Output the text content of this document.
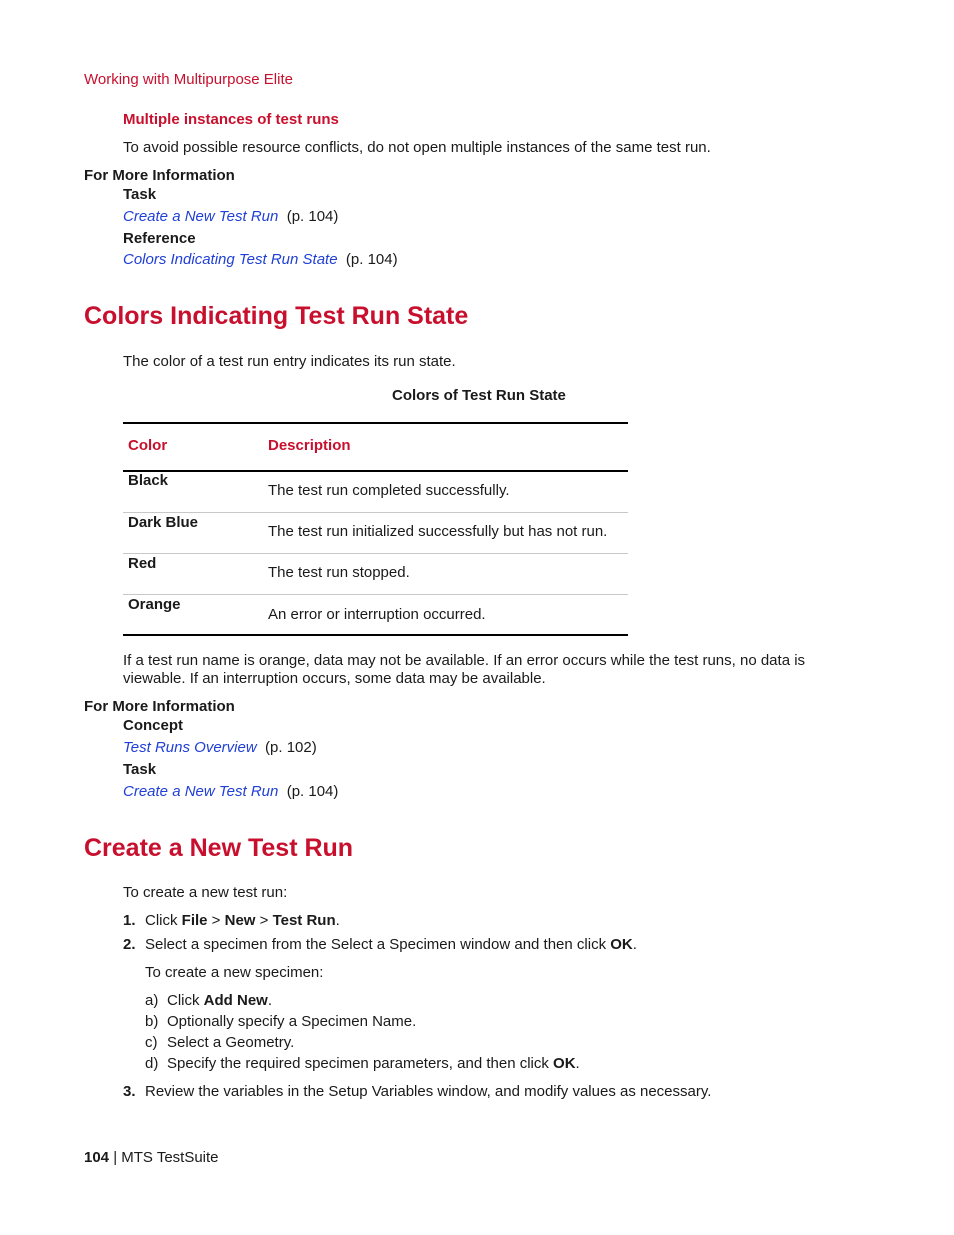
Working with Multipurpose Elite
Multiple instances of test runs
To avoid possible resource conflicts, do not open multiple instances of the same test run.
For More Information
Task
Create a New Test Run (p. 104)
Reference
Colors Indicating Test Run State (p. 104)
Colors Indicating Test Run State
The color of a test run entry indicates its run state.
Colors of Test Run State
Color	Description
Black
The test run completed successfully.
Dark Blue
The test run initialized successfully but has not run.
Red
The test run stopped.
Orange
An error or interruption occurred.
If a test run name is orange, data may not be available. If an error occurs while the test runs, no data is
viewable. If an interruption occurs, some data may be available.
For More Information
Concept
Test Runs Overview (p. 102)
Task
Create a New Test Run (p. 104)
Create a New Test Run
To create a new test run:
1. Click File > New > Test Run.
2. Select a specimen from the Select a Specimen window and then click OK.
To create a new specimen:
a) Click Add New.
b) Optionally specify a Specimen Name.
c) Select a Geometry.
d) Specify the required specimen parameters, and then click OK.
3. Review the variables in the Setup Variables window, and modify values as necessary.
104 | MTS TestSuite
